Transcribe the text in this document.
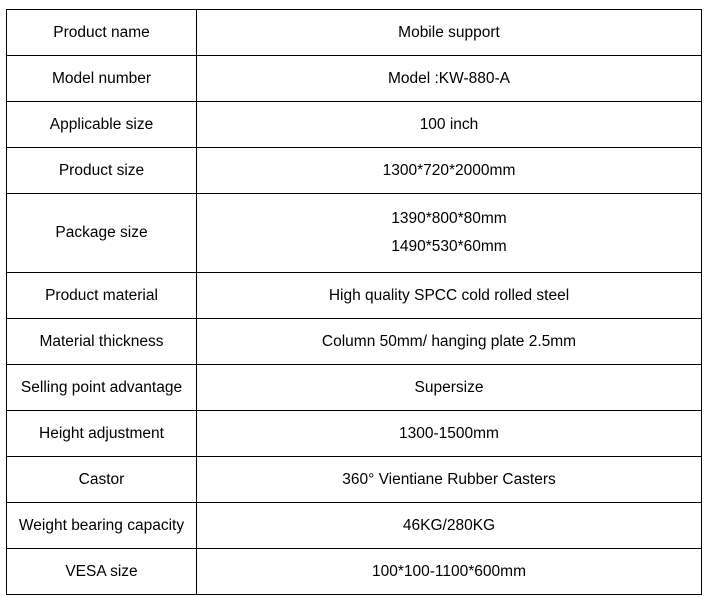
Product name	Mobile support

Model number	Model :KW-880-A

Applicable size	100 inch

Product size	1300*720*2000mm

Package size	1390*800*80mm
1490*530*60mm

Product material	High quality SPCC cold rolled steel

Material thickness	Column 50mm/ hanging plate 2.5mm

Selling point advantage	Supersize

Height adjustment	1300-1500mm

Castor	360° Vientiane Rubber Casters

Weight bearing capacity	46KG/280KG

VESA size	100*100-1100*600mm
